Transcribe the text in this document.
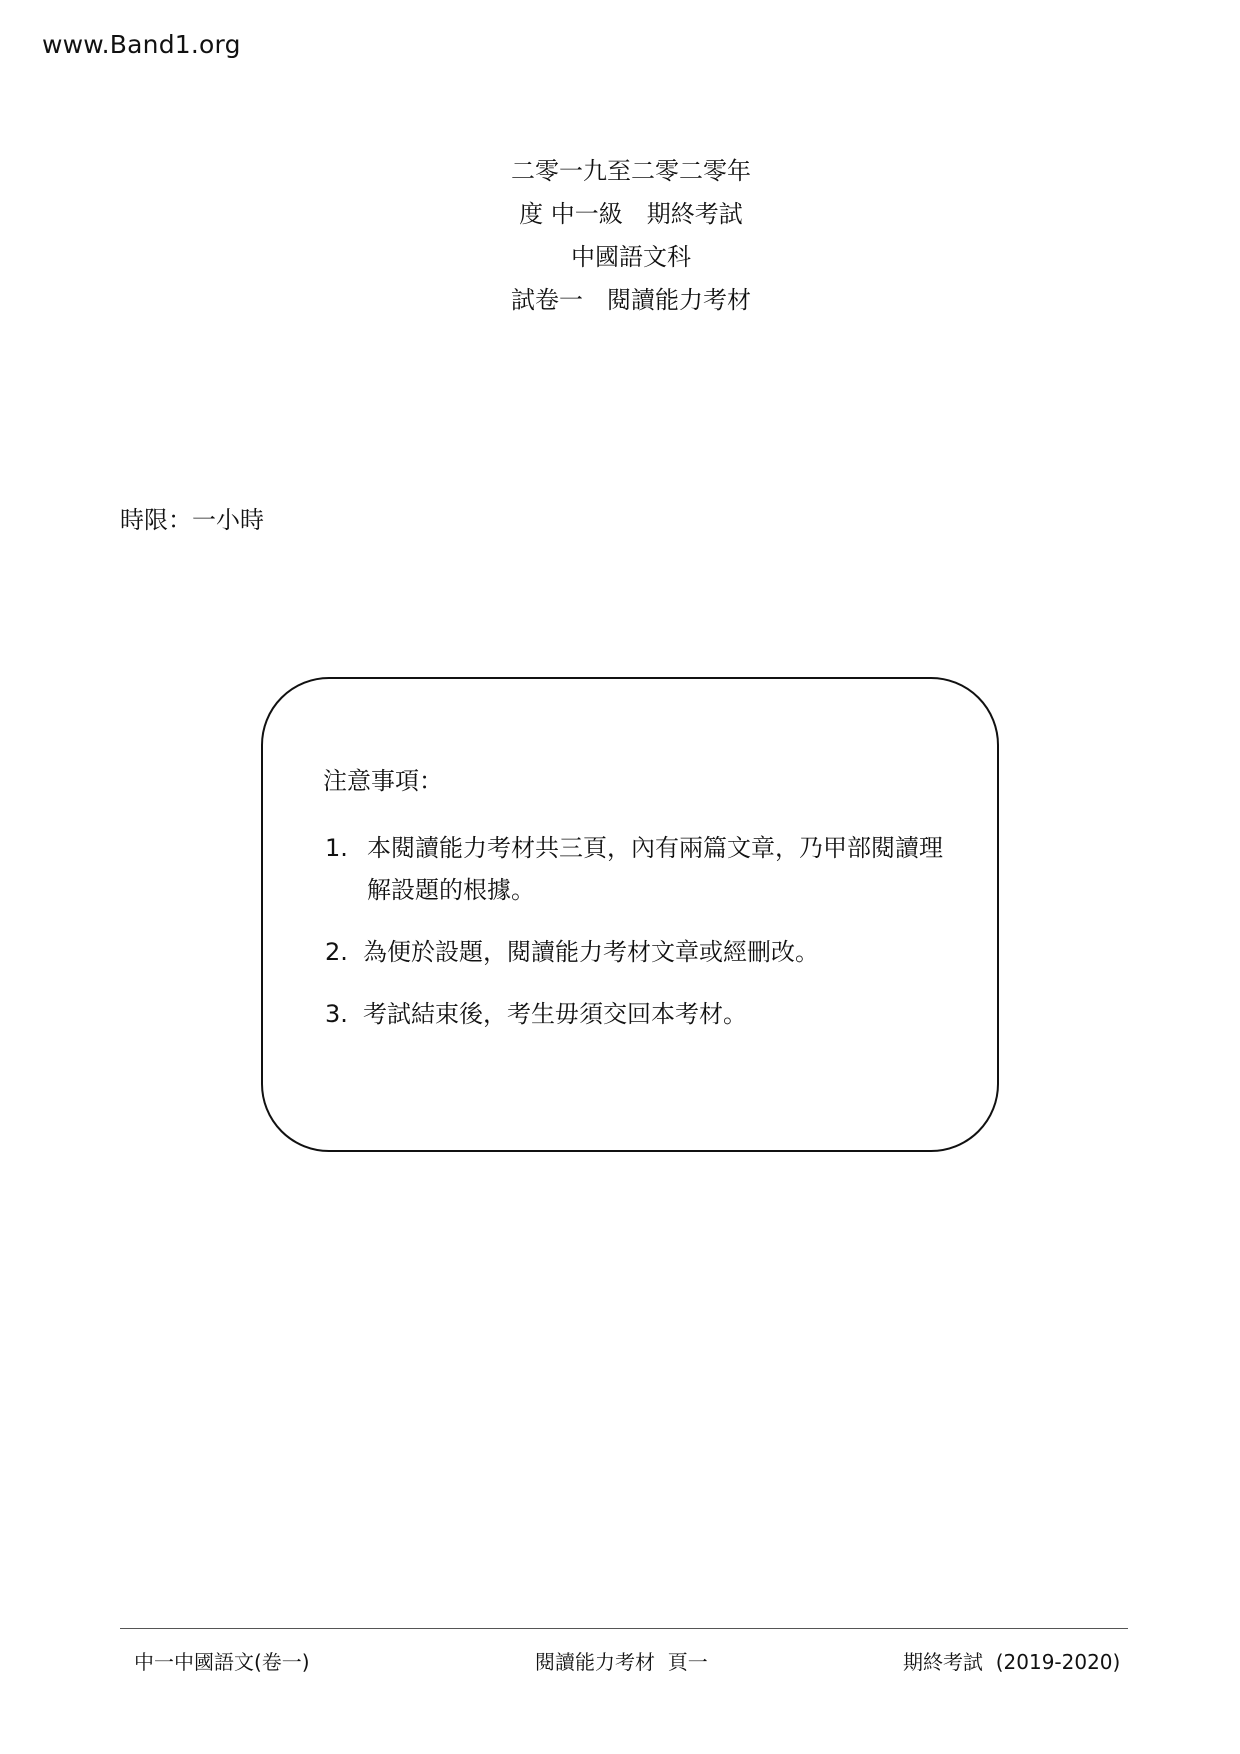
www.Band1.org
二零一九至二零二零年
度 中一級　期終考試
中國語文科
試卷一　閱讀能力考材
時限：一小時
注意事項：
1. 本閱讀能力考材共三頁，內有兩篇文章，乃甲部閱讀理解設題的根據。
2. 為便於設題，閱讀能力考材文章或經刪改。
3. 考試結束後，考生毋須交回本考材。
中一中國語文(卷一)	閱讀能力考材  頁一	期終考試  (2019-2020)
